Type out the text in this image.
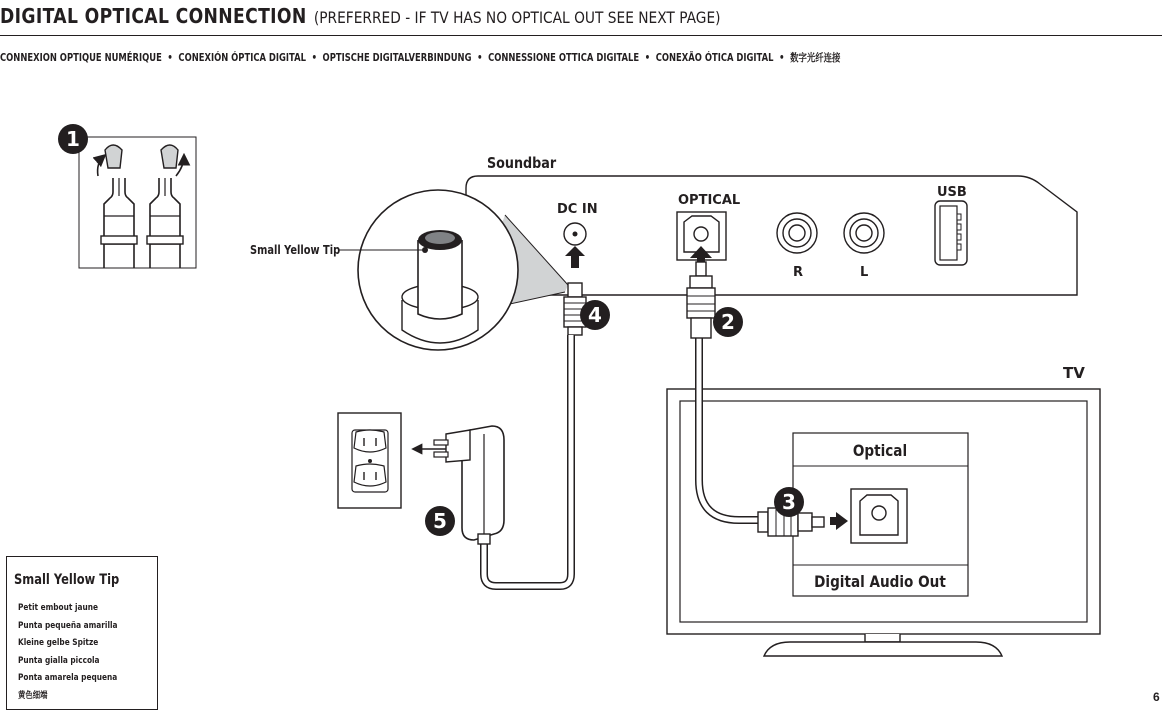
DIGITAL OPTICAL CONNECTION (PREFERRED - IF TV HAS NO OPTICAL OUT SEE NEXT PAGE)
CONNEXION OPTIQUE NUMÉRIQUE • CONEXIÓN ÓPTICA DIGITAL • OPTISCHE DIGITALVERBINDUNG • CONNESSIONE OTTICA DIGITALE • CONEXÃO ÓTICA DIGITAL • 数字光纤连接
Soundbar
DC IN
OPTICAL
R	L
USB
Small Yellow Tip
TV
Optical
Digital Audio Out
1
2
3
4
5
Small Yellow Tip
Petit embout jaune
Punta pequeña amarilla
Kleine gelbe Spitze
Punta gialla piccola
Ponta amarela pequena
黄色细端	6
